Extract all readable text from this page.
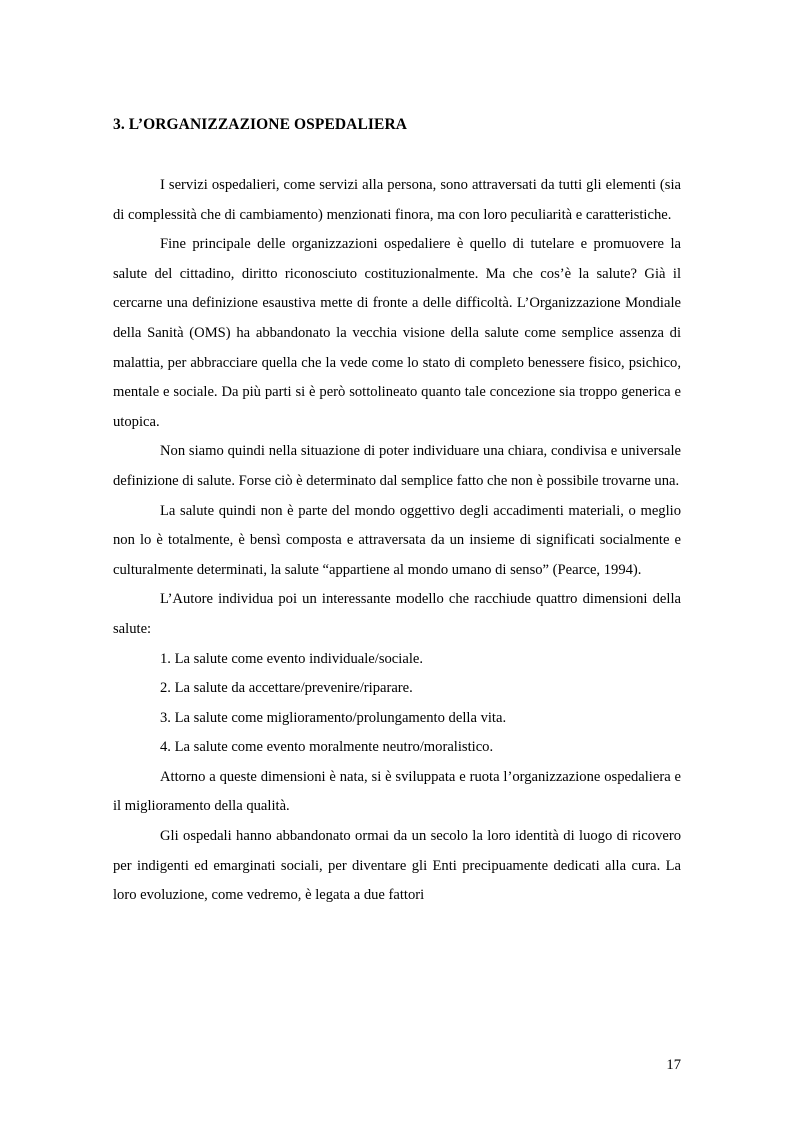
3. L’ORGANIZZAZIONE OSPEDALIERA

I servizi ospedalieri, come servizi alla persona, sono attraversati da tutti gli elementi (sia di complessità che di cambiamento) menzionati finora, ma con loro peculiarità e caratteristiche.

Fine principale delle organizzazioni ospedaliere è quello di tutelare e promuovere la salute del cittadino, diritto riconosciuto costituzionalmente. Ma che cos’è la salute? Già il cercarne una definizione esaustiva mette di fronte a delle difficoltà. L’Organizzazione Mondiale della Sanità (OMS) ha abbandonato la vecchia visione della salute come semplice assenza di malattia, per abbracciare quella che la vede come lo stato di completo benessere fisico, psichico, mentale e sociale. Da più parti si è però sottolineato quanto tale concezione sia troppo generica e utopica.

Non siamo quindi nella situazione di poter individuare una chiara, condivisa e universale definizione di salute. Forse ciò è determinato dal semplice fatto che non è possibile trovarne una.

La salute quindi non è parte del mondo oggettivo degli accadimenti materiali, o meglio non lo è totalmente, è bensì composta e attraversata da un insieme di significati socialmente e culturalmente determinati, la salute “appartiene al mondo umano di senso” (Pearce, 1994).

L’Autore individua poi un interessante modello che racchiude quattro dimensioni della salute:

1. La salute come evento individuale/sociale.

2. La salute da accettare/prevenire/riparare.

3. La salute come miglioramento/prolungamento della vita.

4. La salute come evento moralmente neutro/moralistico.

Attorno a queste dimensioni è nata, si è sviluppata e ruota l’organizzazione ospedaliera e il miglioramento della qualità.

Gli ospedali hanno abbandonato ormai da un secolo la loro identità di luogo di ricovero per indigenti ed emarginati sociali, per diventare gli Enti precipuamente dedicati alla cura. La loro evoluzione, come vedremo, è legata a due fattori

17
